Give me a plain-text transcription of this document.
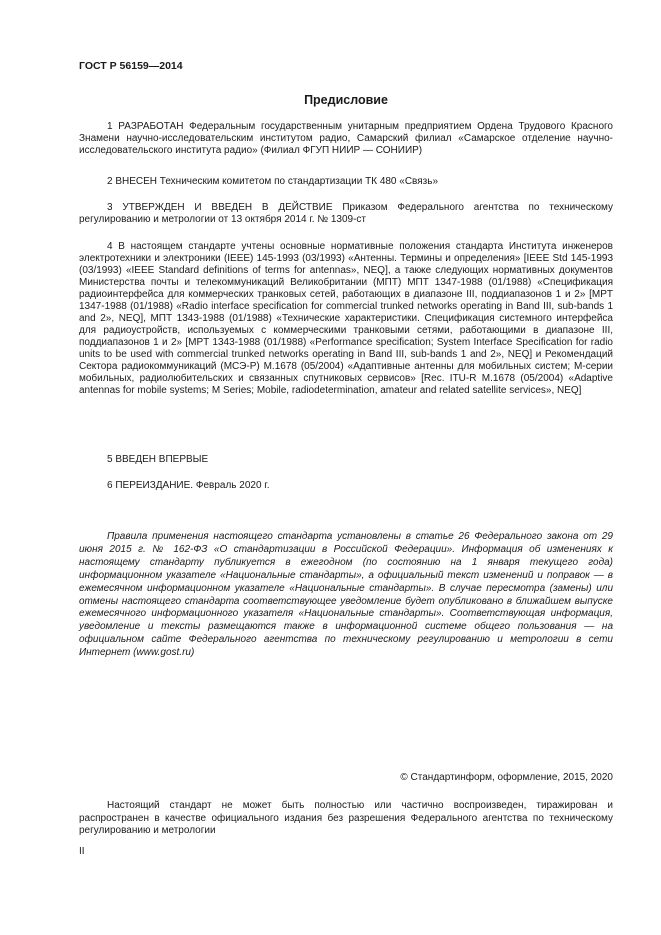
ГОСТ Р 56159—2014
Предисловие

1 РАЗРАБОТАН Федеральным государственным унитарным предприятием Ордена Трудового Красного Знамени научно-исследовательским институтом радио, Самарский филиал «Самарское отделение научно-исследовательского института радио» (Филиал ФГУП НИИР — СОНИИР)

2 ВНЕСЕН Техническим комитетом по стандартизации ТК 480 «Связь»

3 УТВЕРЖДЕН И ВВЕДЕН В ДЕЙСТВИЕ Приказом Федерального агентства по техническому регулированию и метрологии от 13 октября 2014 г. № 1309-ст

4 В настоящем стандарте учтены основные нормативные положения стандарта Института инженеров электротехники и электроники (IEEE) 145-1993 (03/1993) «Антенны. Термины и определения» [IEEE Std 145-1993 (03/1993) «IEEE Standard definitions of terms for antennas», NEQ], а также следующих нормативных документов Министерства почты и телекоммуникаций Великобритании (МПТ) МПТ 1347-1988 (01/1988) «Спецификация радиоинтерфейса для коммерческих транковых сетей, работающих в диапазоне III, поддиапазонов 1 и 2» [MPT 1347-1988 (01/1988) «Radio interface specification for commercial trunked networks operating in Band III, sub-bands 1 and 2», NEQ], МПТ 1343-1988 (01/1988) «Технические характеристики. Спецификация системного интерфейса для радиоустройств, используемых с коммерческими транковыми сетями, работающими в диапазоне III, поддиапазонов 1 и 2» [MPT 1343-1988 (01/1988) «Performance specification; System Interface Specification for radio units to be used with commercial trunked networks operating in Band III, sub-bands 1 and 2», NEQ] и Рекомендаций Сектора радиокоммуникаций (МСЭ-Р) M.1678 (05/2004) «Адаптивные антенны для мобильных систем; M-серии мобильных, радиолюбительских и связанных спутниковых сервисов» [Rec. ITU-R M.1678 (05/2004) «Adaptive antennas for mobile systems; M Series; Mobile, radiodetermination, amateur and related satellite services», NEQ]

5 ВВЕДЕН ВПЕРВЫЕ

6 ПЕРЕИЗДАНИЕ. Февраль 2020 г.

Правила применения настоящего стандарта установлены в статье 26 Федерального закона от 29 июня 2015 г. № 162-ФЗ «О стандартизации в Российской Федерации». Информация об изменениях к настоящему стандарту публикуется в ежегодном (по состоянию на 1 января текущего года) информационном указателе «Национальные стандарты», а официальный текст изменений и поправок — в ежемесячном информационном указателе «Национальные стандарты». В случае пересмотра (замены) или отмены настоящего стандарта соответствующее уведомление будет опубликовано в ближайшем выпуске ежемесячного информационного указателя «Национальные стандарты». Соответствующая информация, уведомление и тексты размещаются также в информационной системе общего пользования — на официальном сайте Федерального агентства по техническому регулированию и метрологии в сети Интернет (www.gost.ru)

© Стандартинформ, оформление, 2015, 2020

Настоящий стандарт не может быть полностью или частично воспроизведен, тиражирован и распространен в качестве официального издания без разрешения Федерального агентства по техническому регулированию и метрологии

II
